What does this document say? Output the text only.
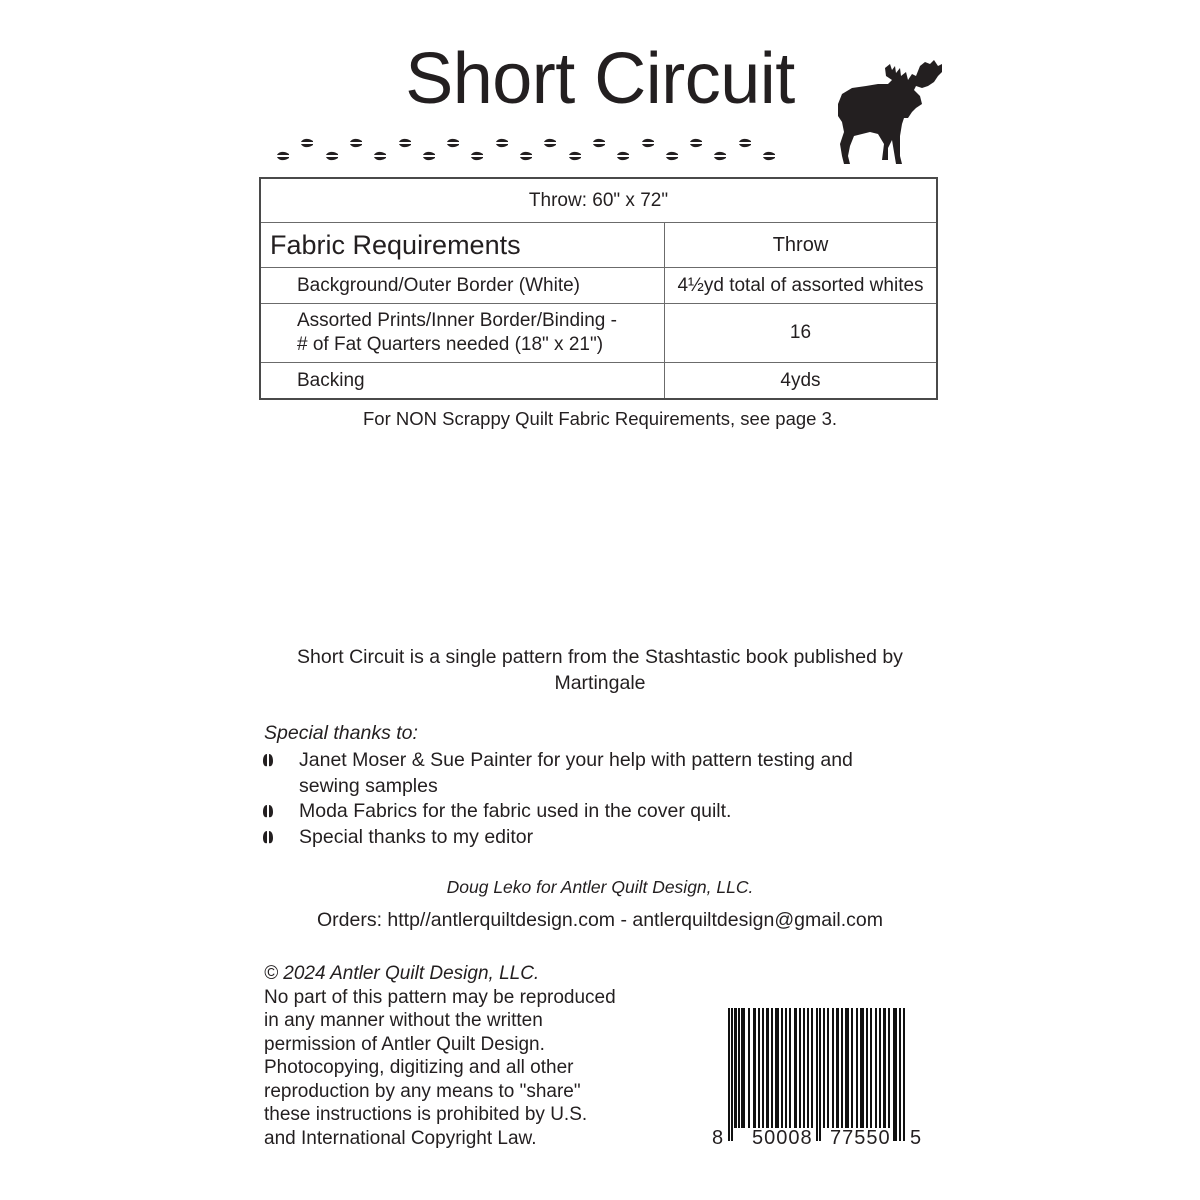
Short Circuit
Throw: 60" x 72"	
Fabric Requirements	Throw
Background/Outer Border (White)	4½yd total of assorted whites

Assorted Prints/Inner Border/Binding -
# of Fat Quarters needed (18" x 21")	16
Backing	4yds
For NON Scrappy Quilt Fabric Requirements, see page 3.
Short Circuit is a single pattern from the Stashtastic book published by
Martingale
Special thanks to:
Janet Moser & Sue Painter for your help with pattern testing and
sewing samples
Moda Fabrics for the fabric used in the cover quilt.
Special thanks to my editor
Doug Leko for Antler Quilt Design, LLC.
Orders: http//antlerquiltdesign.com - antlerquiltdesign@gmail.com
© 2024 Antler Quilt Design, LLC.
No part of this pattern may be reproduced
in any manner without the written
permission of Antler Quilt Design.
Photocopying, digitizing and all other
reproduction by any means to "share"
these instructions is prohibited by U.S.
and International Copyright Law.	8 50008 77550 5
